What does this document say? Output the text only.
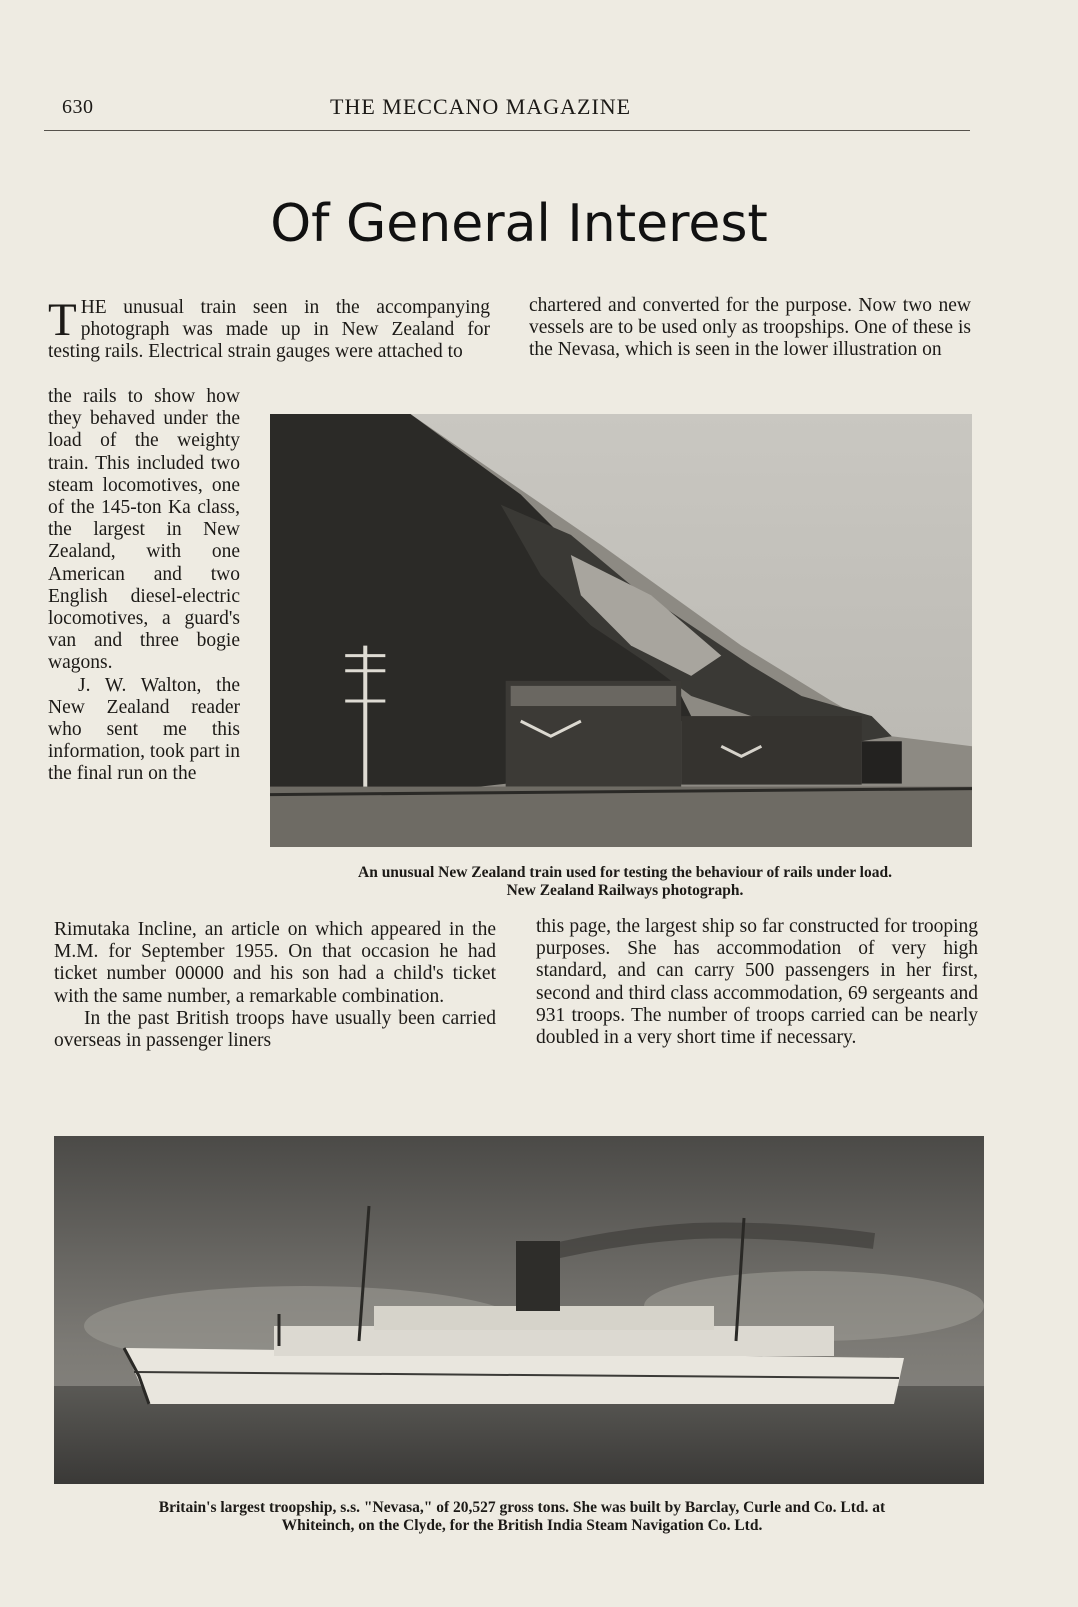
630	THE MECCANO MAGAZINE
Of General Interest

THE unusual train seen in the accompanying photograph was made up in New Zealand for testing rails. Electrical strain gauges were attached to

the rails to show how they behaved under the load of the weighty train. This included two steam locomotives, one of the 145-ton Ka class, the largest in New Zealand, with one American and two English diesel-electric locomotives, a guard's van and three bogie wagons.

J. W. Walton, the New Zealand reader who sent me this information, took part in the final run on the

Rimutaka Incline, an article on which appeared in the M.M. for September 1955. On that occasion he had ticket number 00000 and his son had a child's ticket with the same number, a remarkable combination.

In the past British troops have usually been carried overseas in passenger liners

chartered and converted for the purpose. Now two new vessels are to be used only as troopships. One of these is the Nevasa, which is seen in the lower illustration on

this page, the largest ship so far constructed for trooping purposes. She has accommodation of very high standard, and can carry 500 passengers in her first, second and third class accommodation, 69 sergeants and 931 troops. The number of troops carried can be nearly doubled in a very short time if necessary.

An unusual New Zealand train used for testing the behaviour of rails under load.
New Zealand Railways photograph.
Britain's largest troopship, s.s. "Nevasa," of 20,527 gross tons. She was built by Barclay, Curle and Co. Ltd. at
Whiteinch, on the Clyde, for the British India Steam Navigation Co. Ltd.
